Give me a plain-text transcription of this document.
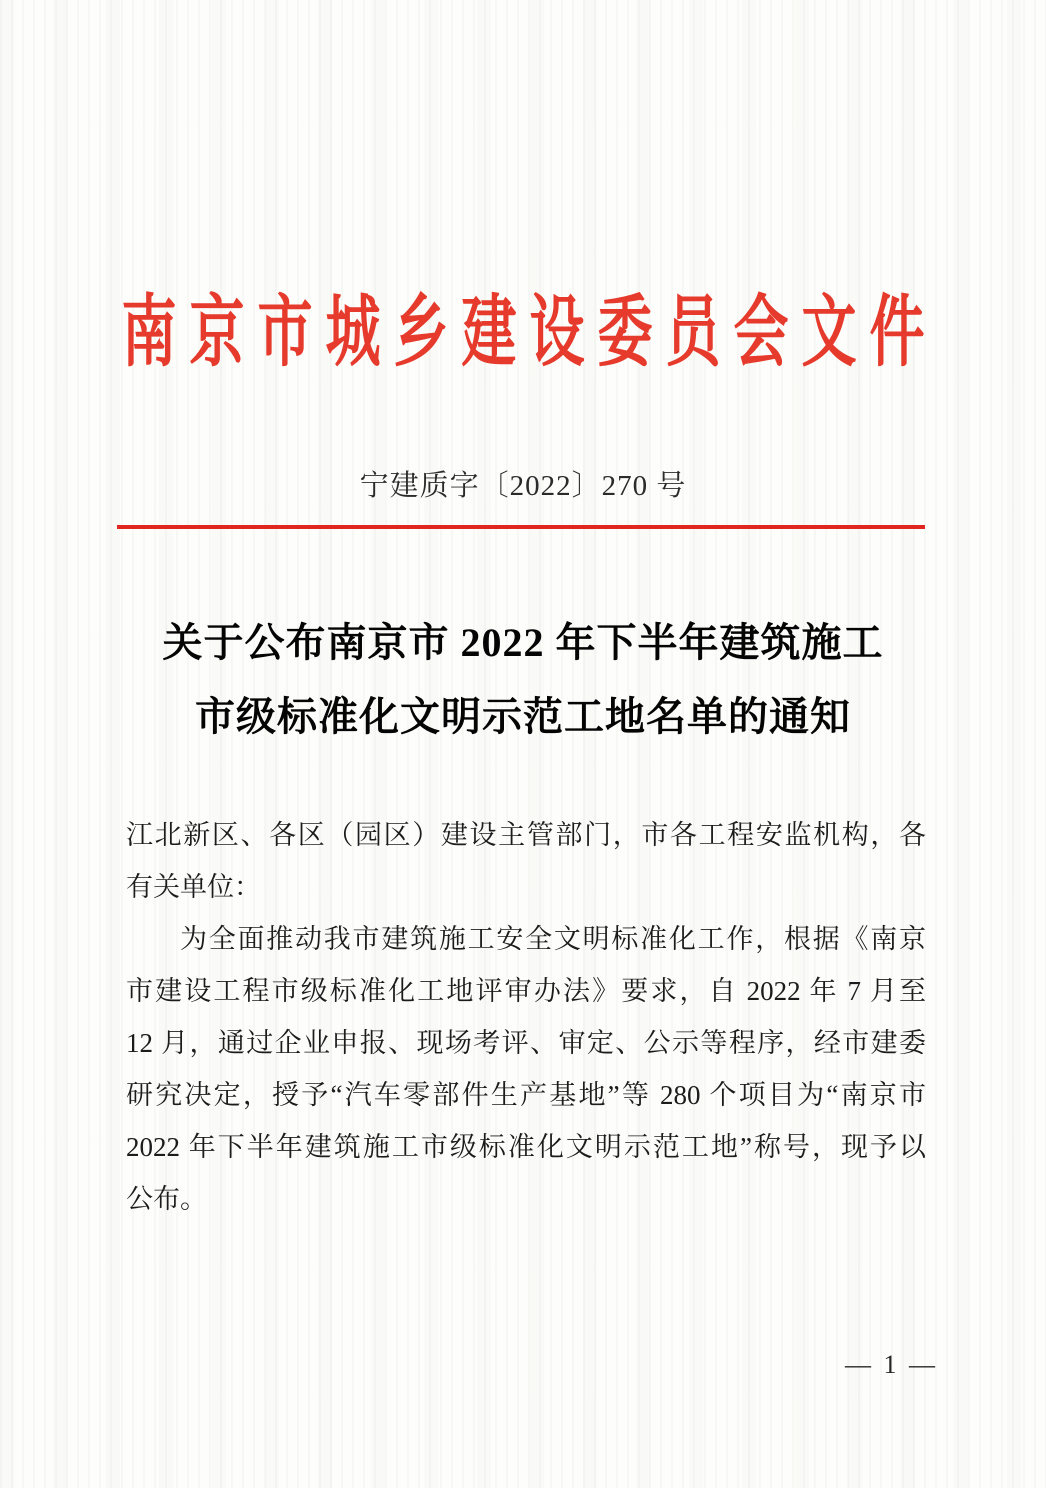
南京市城乡建设委员会文件
宁建质字〔2022〕270 号
关于公布南京市 2022 年下半年建筑施工
市级标准化文明示范工地名单的通知

江北新区、各区（园区）建设主管部门，市各工程安监机构，各

有关单位：

为全面推动我市建筑施工安全文明标准化工作，根据《南京

市建设工程市级标准化工地评审办法》要求，自 2022 年 7 月至

12 月，通过企业申报、现场考评、审定、公示等程序，经市建委

研究决定，授予“汽车零部件生产基地”等 280 个项目为“南京市

2022 年下半年建筑施工市级标准化文明示范工地”称号，现予以

公布。

— 1 —
